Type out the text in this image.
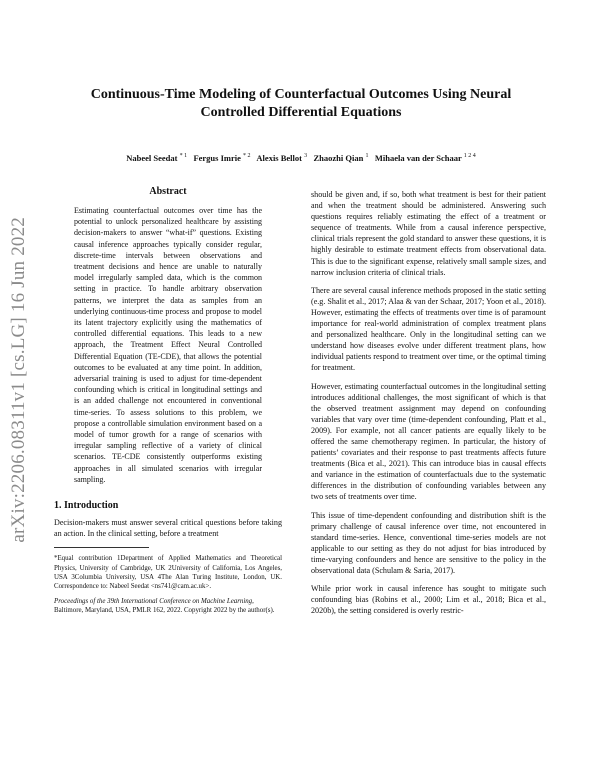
arXiv:2206.08311v1 [cs.LG] 16 Jun 2022
Continuous-Time Modeling of Counterfactual Outcomes Using Neural Controlled Differential Equations
Nabeel Seedat $^{* 1}$ Fergus Imrie $^{* 2}$ Alexis Bellot $^3$ Zhaozhi Qian $^1$ Mihaela van der Schaar $^{1 2 4}$
Abstract

Estimating counterfactual outcomes over time has the potential to unlock personalized healthcare by assisting decision-makers to answer “what-if” questions. Existing causal inference approaches typically consider regular, discrete-time intervals between observations and treatment decisions and hence are unable to naturally model irregularly sampled data, which is the common setting in practice. To handle arbitrary observation patterns, we interpret the data as samples from an underlying continuous-time process and propose to model its latent trajectory explicitly using the mathematics of controlled differential equations. This leads to a new approach, the Treatment Effect Neural Controlled Differential Equation (TE-CDE), that allows the potential outcomes to be evaluated at any time point. In addition, adversarial training is used to adjust for time-dependent confounding which is critical in longitudinal settings and is an added challenge not encountered in conventional time-series. To assess solutions to this problem, we propose a controllable simulation environment based on a model of tumor growth for a range of scenarios with irregular sampling reflective of a variety of clinical scenarios. TE-CDE consistently outperforms existing approaches in all simulated scenarios with irregular sampling.

1. Introduction

Decision-makers must answer several critical questions before taking an action. In the clinical setting, before a treatment

*Equal contribution 1Department of Applied Mathematics and Theoretical Physics, University of Cambridge, UK 2University of California, Los Angeles, USA 3Columbia University, USA 4The Alan Turing Institute, London, UK. Correspondence to: Nabeel Seedat <ns741@cam.ac.uk>.

Proceedings of the 39th International Conference on Machine Learning, Baltimore, Maryland, USA, PMLR 162, 2022. Copyright 2022 by the author(s).

should be given and, if so, both what treatment is best for their patient and when the treatment should be administered. Answering such questions requires reliably estimating the effect of a treatment or sequence of treatments. While from a causal inference perspective, clinical trials represent the gold standard to answer these questions, it is highly desirable to estimate treatment effects from observational data. This is due to the significant expense, relatively small sample sizes, and narrow inclusion criteria of clinical trials.

There are several causal inference methods proposed in the static setting (e.g. Shalit et al., 2017; Alaa & van der Schaar, 2017; Yoon et al., 2018). However, estimating the effects of treatments over time is of paramount importance for real-world administration of complex treatment plans and personalized healthcare. Only in the longitudinal setting can we understand how diseases evolve under different treatment plans, how individual patients respond to treatment over time, or the optimal timing for treatment.

However, estimating counterfactual outcomes in the longitudinal setting introduces additional challenges, the most significant of which is that the observed treatment assignment may depend on confounding variables that vary over time (time-dependent confounding, Platt et al., 2009). For example, not all cancer patients are equally likely to be offered the same chemotherapy regimen. In particular, the history of patients’ covariates and their response to past treatments affects future treatments (Bica et al., 2021). This can introduce bias in causal effects and variance in the estimation of counterfactuals due to the systematic differences in the distribution of confounding variables between any two sets of treatments over time.

This issue of time-dependent confounding and distribution shift is the primary challenge of causal inference over time, not encountered in standard time-series. Hence, conventional time-series models are not applicable to our setting as they do not adjust for bias introduced by time-varying confounders and hence are sensitive to the policy in the observational data (Schulam & Saria, 2017).

While prior work in causal inference has sought to mitigate such confounding bias (Robins et al., 2000; Lim et al., 2018; Bica et al., 2020b), the setting considered is overly restric-
